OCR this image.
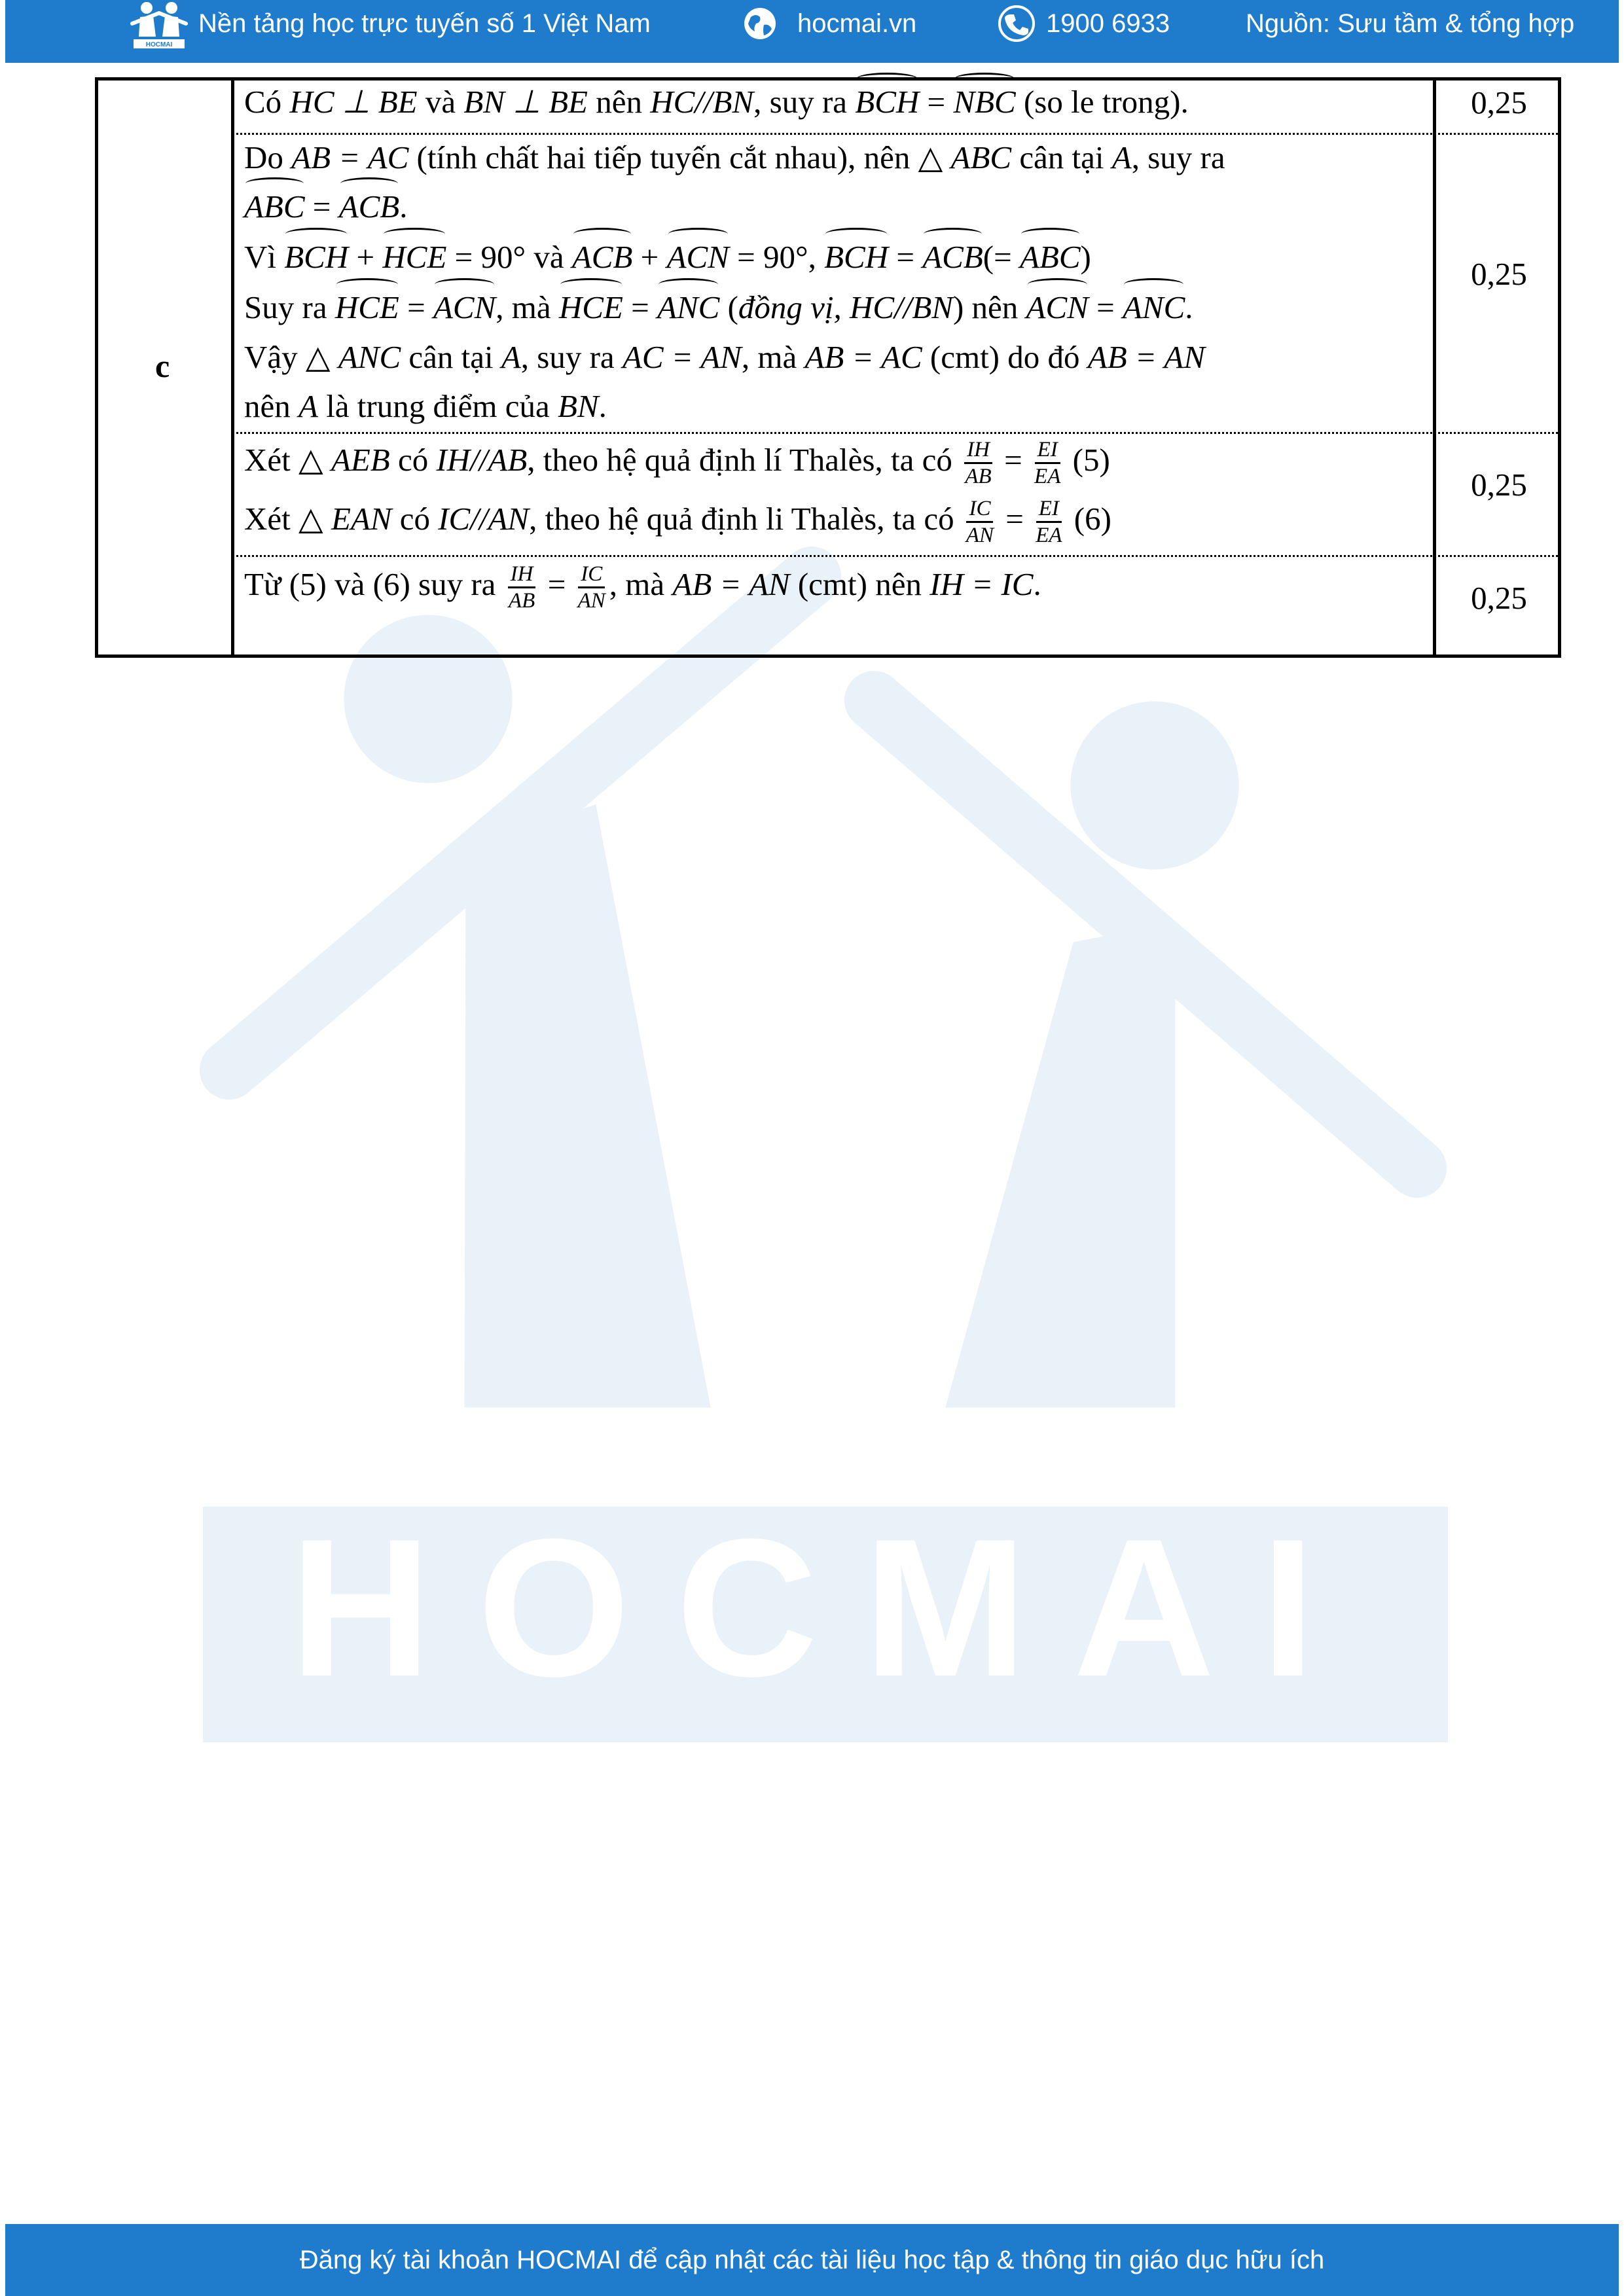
HOCMAI
HOCMAI
Nền tảng học trực tuyến số 1 Việt Nam	hocmai.vn	1900 6933	Nguồn: Sưu tầm & tổng hợp
c
Có HC ⊥ BE và BN ⊥ BE nên HC//BN, suy ra BCH = NBC (so le trong).	0,25
Do AB = AC (tính chất hai tiếp tuyến cắt nhau), nên △ ABC cân tại A, suy ra
ABC = ACB.
Vì BCH + HCE = 90° và ACB + ACN = 90°, BCH = ACB(= ABC)
Suy ra HCE = ACN, mà HCE = ANC (đồng vị, HC//BN) nên ACN = ANC.
Vậy △ ANC cân tại A, suy ra AC = AN, mà AB = AC (cmt) do đó AB = AN
nên A là trung điểm của BN.
0,25
Xét △ AEB có IH//AB, theo hệ quả định lí Thalès, ta có $\frac{IH}{AB} = \frac{EI}{EA} (5)$
Xét △ EAN có IC//AN, theo hệ quả định li Thalès, ta có $\frac{IC}{AN} = \frac{EI}{EA} (6)$
0,25
Từ (5) và (6) suy ra $\frac{IH}{AB} = \frac{IC}{AN}$ , mà AB = AN (cmt) nên IH = IC.	0,25
Đăng ký tài khoản HOCMAI để cập nhật các tài liệu học tập & thông tin giáo dục hữu ích
